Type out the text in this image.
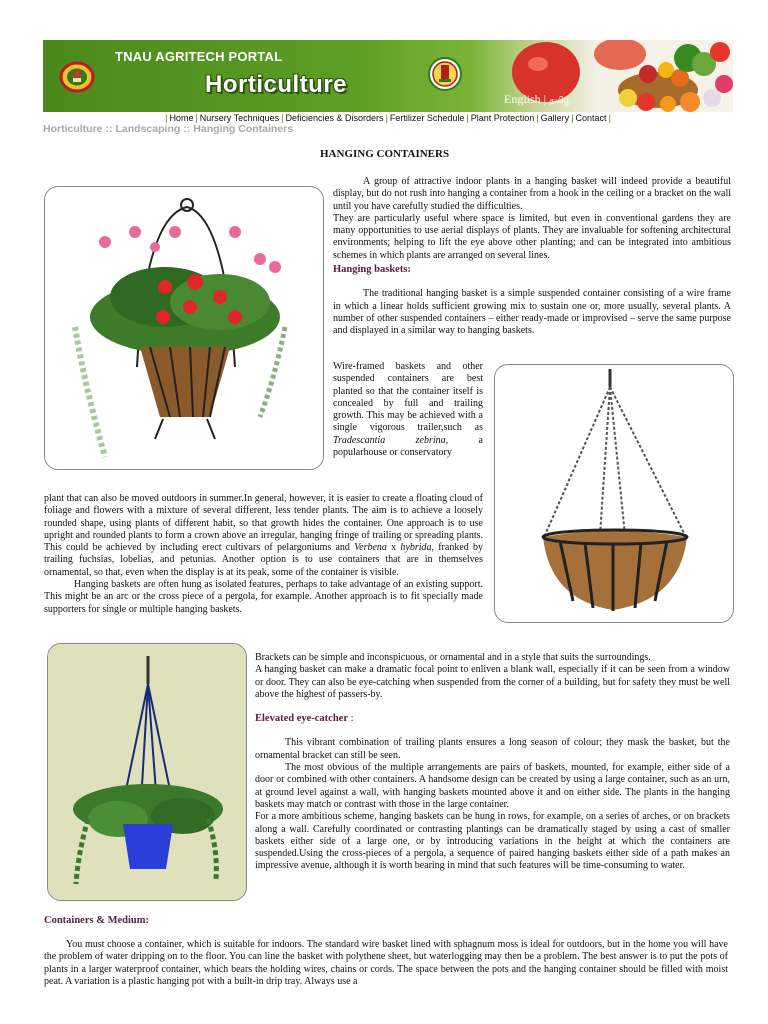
TNAU AGRITECH PORTAL
Horticulture
English | தமிழ்
| Home | Nursery Techniques | Deficiencies & Disorders | Fertilizer Schedule | Plant Protection | Gallery | Contact |
Horticulture :: Landscaping :: Hanging Containers
HANGING CONTAINERS

A group of attractive indoor plants in a hanging basket will indeed provide a beautiful display, but do not rush into hanging a container from a hook in the ceiling or a bracket on the wall until you have carefully studied the difficulties.

They are particularly useful where space is limited, but even in conventional gardens they are many opportunities to use aerial displays of plants. They are invaluable for softening architectural environments; helping to lift the eye above other planting; and can be integrated into ambitious schemes in which plants are arranged on several lines.

Hanging baskets:

The traditional hanging basket is a simple suspended container consisting of a wire frame in which a linear holds sufficient growing mix to sustain one or, more usually, several plants. A number of other suspended containers – either ready-made or improvised – serve the same purpose and displayed in a similar way to hanging baskets.

Wire-framed baskets and other suspended containers are best planted so that the container itself is concealed by full and trailing growth. This may be achieved with a single vigorous trailer,such as Tradescantia zebrina, a popularhouse or conservatory

plant that can also be moved outdoors in summer.In general, however, it is easier to create a floating cloud of foliage and flowers with a mixture of several different, less tender plants. The aim is to achieve a loosely rounded shape, using plants of different habit, so that growth hides the container. One approach is to use upright and rounded plants to form a crown above an irregular, hanging fringe of trailing or spreading plants. This could be achieved by including erect cultivars of pelargoniums and Verbena x hybrida, franked by trailing fuchsias, lobelias, and petunias. Another option is to use containers that are in themselves ornamental, so that, even when the display is at its peak, some of the container is visible.

Hanging baskets are often hung as isolated features, perhaps to take advantage of an existing support. This might be an arc or the cross piece of a pergola, for example. Another approach is to fit specially made supporters for single or multiple hanging baskets.

Brackets can be simple and inconspicuous, or ornamental and in a style that suits the surroundings.

A hanging basket can make a dramatic focal point to enliven a blank wall, especially if it can be seen from a window or door. They can also be eye-catching when suspended from the corner of a building, but for safety they must be well above the highest of passers-by.

Elevated eye-catcher :

This vibrant combination of trailing plants ensures a long season of colour; they mask the basket, but the ornamental bracket can still be seen.

The most obvious of the multiple arrangements are pairs of baskets, mounted, for example, either side of a door or combined with other containers. A handsome design can be created by using a large container, such as an urn, at ground level against a wall, with hanging baskets mounted above it and on either side. The plants in the hanging baskets may match or contrast with those in the large container.

For a more ambitious scheme, hanging baskets can be hung in rows, for example, on a series of arches, or on brackets along a wall. Carefully coordinated or contrasting plantings can be dramatically staged by using a cast of smaller baskets either side of a large one, or by introducing variations in the height at which the containers are suspended.Using the cross-pieces of a pergola, a sequence of paired hanging baskets either side of a path makes an impressive avenue, although it is worth bearing in mind that such features will be time-consuming to water.

Containers & Medium:

You must choose a container, which is suitable for indoors. The standard wire basket lined with sphagnum moss is ideal for outdoors, but in the home you will have the problem of water dripping on to the floor. You can line the basket with polythene sheet, but waterlogging may then be a problem. The best answer is to put the pots of plants in a larger waterproof container, which bears the holding wires, chains or cords. The space between the pots and the hanging container should be filled with moist peat. A variation is a plastic hanging pot with a built-in drip tray. Always use a
